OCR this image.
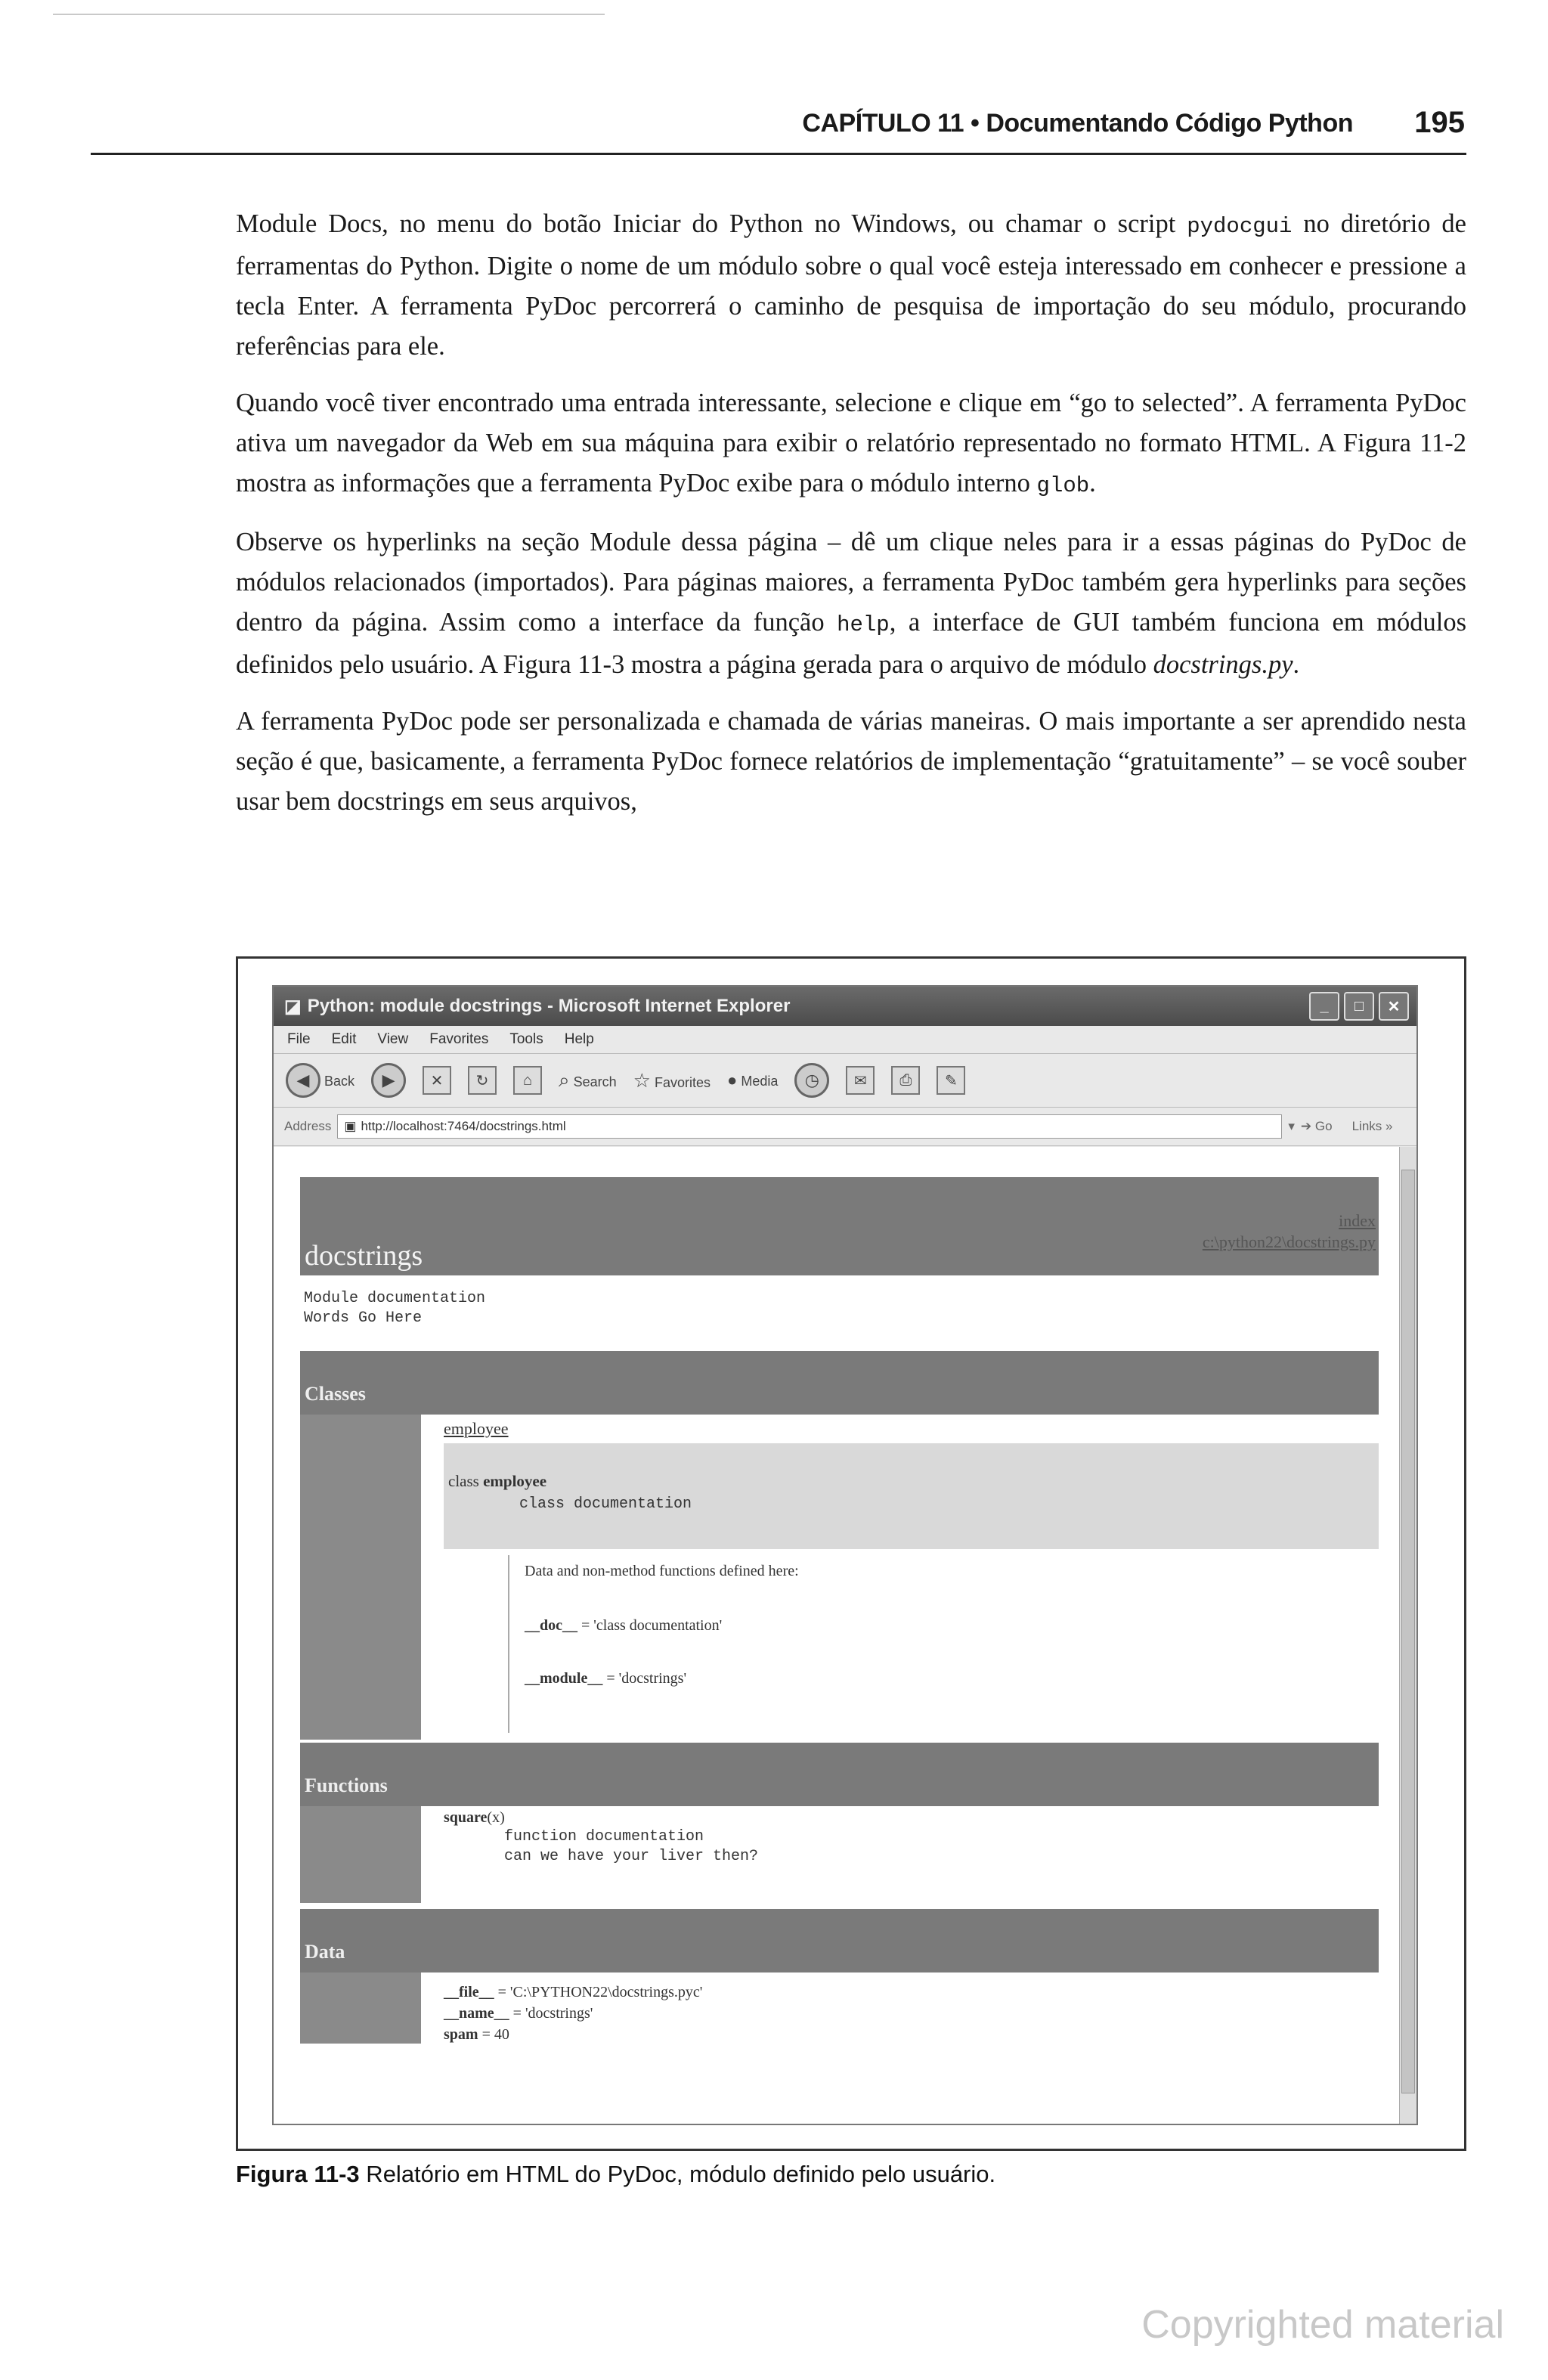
CAPÍTULO 11 • Documentando Código Python 195

Module Docs, no menu do botão Iniciar do Python no Windows, ou chamar o script pydocgui no diretório de ferramentas do Python. Digite o nome de um módulo sobre o qual você esteja interessado em conhecer e pressione a tecla Enter. A ferramenta PyDoc percorrerá o caminho de pesquisa de importação do seu módulo, procurando referências para ele.

Quando você tiver encontrado uma entrada interessante, selecione e clique em “go to selected”. A ferramenta PyDoc ativa um navegador da Web em sua máquina para exibir o relatório representado no formato HTML. A Figura 11-2 mostra as informações que a ferramenta PyDoc exibe para o módulo interno glob.

Observe os hyperlinks na seção Module dessa página – dê um clique neles para ir a essas páginas do PyDoc de módulos relacionados (importados). Para páginas maiores, a ferramenta PyDoc também gera hyperlinks para seções dentro da página. Assim como a interface da função help, a interface de GUI também funciona em módulos definidos pelo usuário. A Figura 11-3 mostra a página gerada para o arquivo de módulo docstrings.py.

A ferramenta PyDoc pode ser personalizada e chamada de várias maneiras. O mais importante a ser aprendido nesta seção é que, basicamente, a ferramenta PyDoc fornece relatórios de implementação “gratuitamente” – se você souber usar bem docstrings em seus arquivos,

◪ Python: module docstrings - Microsoft Internet Explorer	_	□	✕
File Edit View Favorites Tools Help
◀ Back	▶	✕	↻	⌂	⌕ Search ☆ Favorites ● Media	◷	✉	⎙	✎
Address ▣ http://localhost:7464/docstrings.html	▾ ➔ Go Links »
docstrings
index
c:\python22\docstrings.py
Module documentation
Words Go Here
Classes
employee
class employee
class documentation
Data and non-method functions defined here:
__doc__ = 'class documentation'
__module__ = 'docstrings'
Functions
square(x)
function documentation
can we have your liver then?
Data
__file__ = 'C:\PYTHON22\docstrings.pyc'
__name__ = 'docstrings'
spam = 40
Figura 11-3 Relatório em HTML do PyDoc, módulo definido pelo usuário.
Copyrighted material
